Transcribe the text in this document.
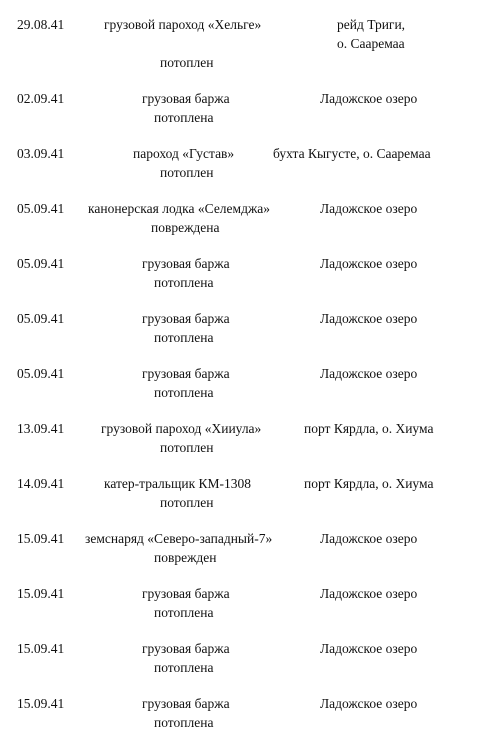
29.08.41	грузовой пароход «Хельге»	рейд Триги,
о. Сааремаа
потоплен
02.09.41	грузовая баржа	Ладожское озеро
потоплена
03.09.41	пароход «Густав»	бухта Кыгусте, о. Сааремаа
потоплен
05.09.41 канонерская лодка «Селемджа»	Ладожское озеро
повреждена
05.09.41	грузовая баржа	Ладожское озеро
потоплена
05.09.41	грузовая баржа	Ладожское озеро
потоплена
05.09.41	грузовая баржа	Ладожское озеро
потоплена
13.09.41	грузовой пароход «Хииула»	порт Кярдла, о. Хиума
потоплен
14.09.41	катер-тральщик КМ-1308	порт Кярдла, о. Хиума
потоплен
15.09.41 земснаряд «Северо-западный-7»	Ладожское озеро
поврежден
15.09.41	грузовая баржа	Ладожское озеро
потоплена
15.09.41	грузовая баржа	Ладожское озеро
потоплена
15.09.41	грузовая баржа	Ладожское озеро
потоплена
